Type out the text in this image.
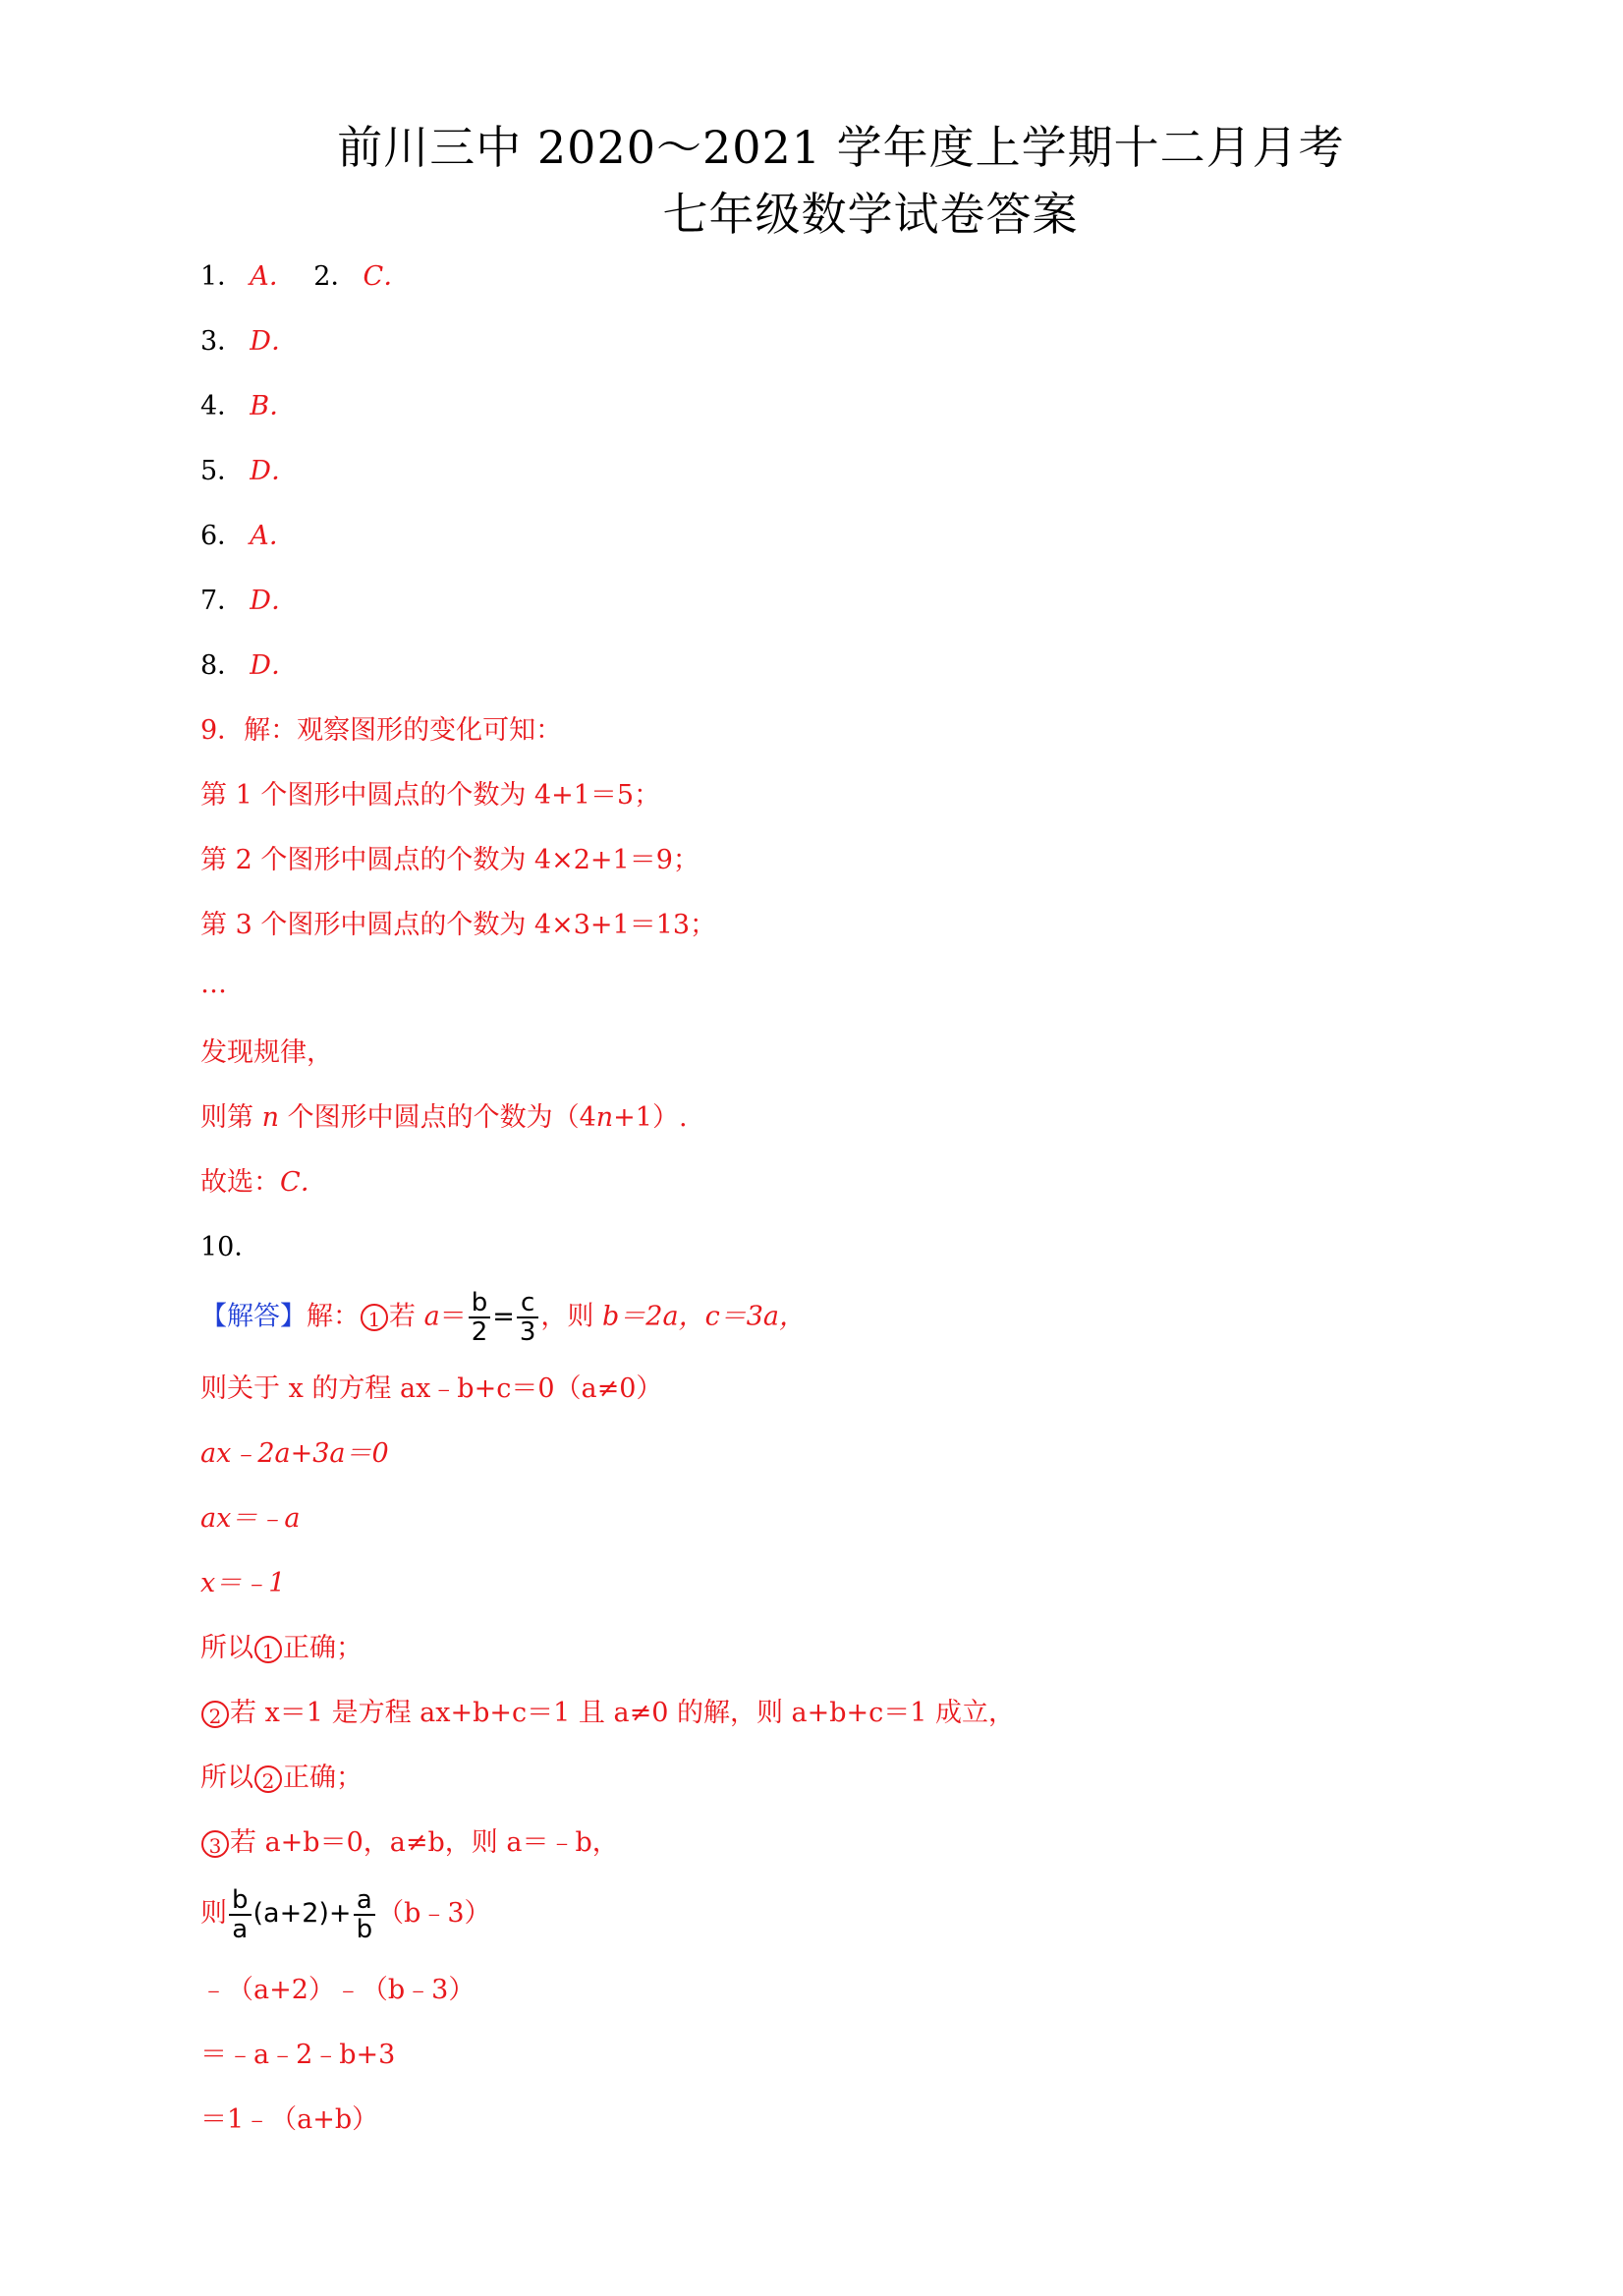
前川三中 2020～2021 学年度上学期十二月月考
七年级数学试卷答案
1． A． 2． C．
3． D．
4． B．
5． D．
6． A．
7． D．
8． D．
9．解：观察图形的变化可知：
第 1 个图形中圆点的个数为 4+1＝5；
第 2 个图形中圆点的个数为 4×2+1＝9；
第 3 个图形中圆点的个数为 4×3+1＝13；
…
发现规律，
则第 n 个图形中圆点的个数为（4n+1）.
故选：C．
10．
【解答】解： 1 若 $a= \frac{b}{2} = \frac{c}{3}$ ，则 b＝2a，c＝3a，
则关于 x 的方程 ax﹣b+c＝0（a≠0）
ax﹣2a+3a＝0
ax＝﹣a
x＝﹣1
所以 1 正确；
2 若 x＝1 是方程 ax+b+c＝1 且 a≠0 的解，则 a+b+c＝1 成立，
所以 2 正确；
3 若 a+b＝0，a≠b，则 a＝﹣b，
则 $\frac{b}{a} (a+2)+ \frac{a}{b}$ （b﹣3）
﹣（a+2）﹣（b﹣3）
＝﹣a﹣2﹣b+3
＝1﹣（a+b）
